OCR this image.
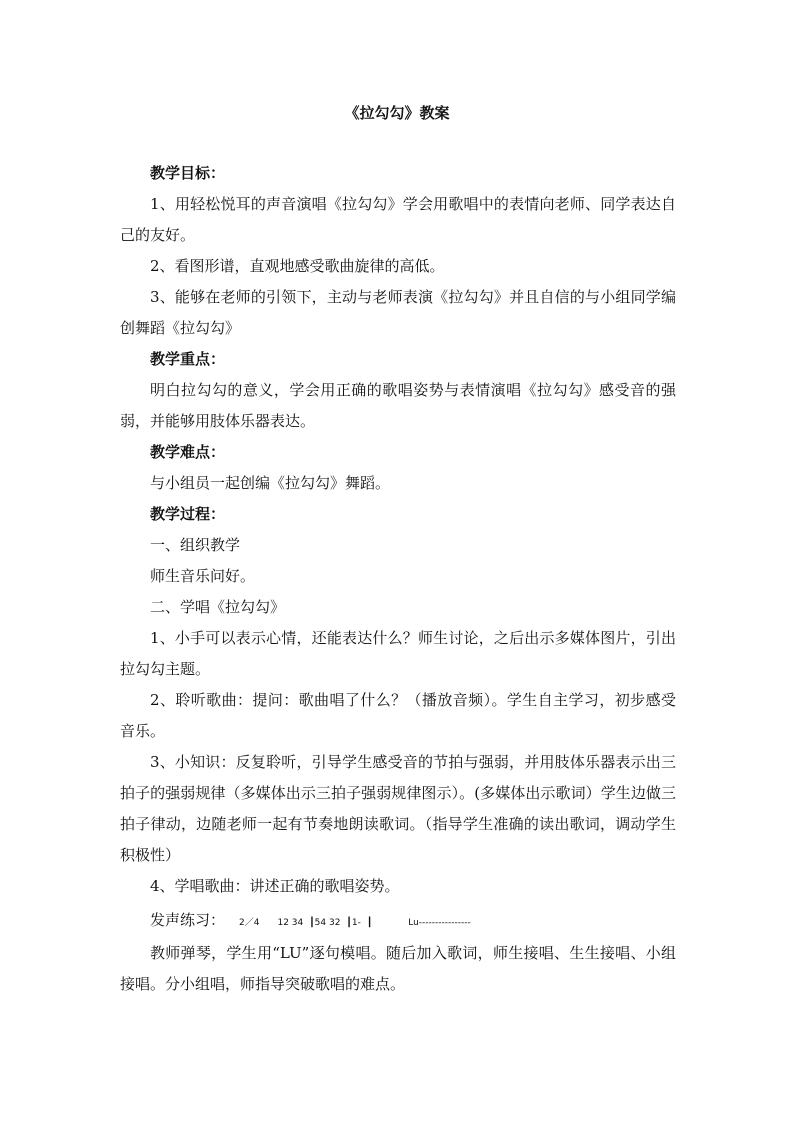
《拉勾勾》教案

教学目标：

1、用轻松悦耳的声音演唱《拉勾勾》学会用歌唱中的表情向老师、同学表达自己的友好。

2、看图形谱，直观地感受歌曲旋律的高低。

3、能够在老师的引领下，主动与老师表演《拉勾勾》并且自信的与小组同学编创舞蹈《拉勾勾》

教学重点：

明白拉勾勾的意义，学会用正确的歌唱姿势与表情演唱《拉勾勾》感受音的强弱，并能够用肢体乐器表达。

教学难点：

与小组员一起创编《拉勾勾》舞蹈。

教学过程：

一、组织教学

师生音乐问好。

二、学唱《拉勾勾》

1、小手可以表示心情，还能表达什么？师生讨论，之后出示多媒体图片，引出拉勾勾主题。

2、聆听歌曲：提问：歌曲唱了什么？（播放音频）。学生自主学习，初步感受音乐。

3、小知识：反复聆听，引导学生感受音的节拍与强弱，并用肢体乐器表示出三拍子的强弱规律（多媒体出示三拍子强弱规律图示）。(多媒体出示歌词）学生边做三拍子律动，边随老师一起有节奏地朗读歌词。（指导学生准确的读出歌词，调动学生积极性）

4、学唱歌曲：讲述正确的歌唱姿势。

发声练习： 2／4 12 34 ┃54 32 ┃1- ┃	Lu----------------

教师弹琴，学生用“LU”逐句模唱。随后加入歌词，师生接唱、生生接唱、小组接唱。分小组唱，师指导突破歌唱的难点。
